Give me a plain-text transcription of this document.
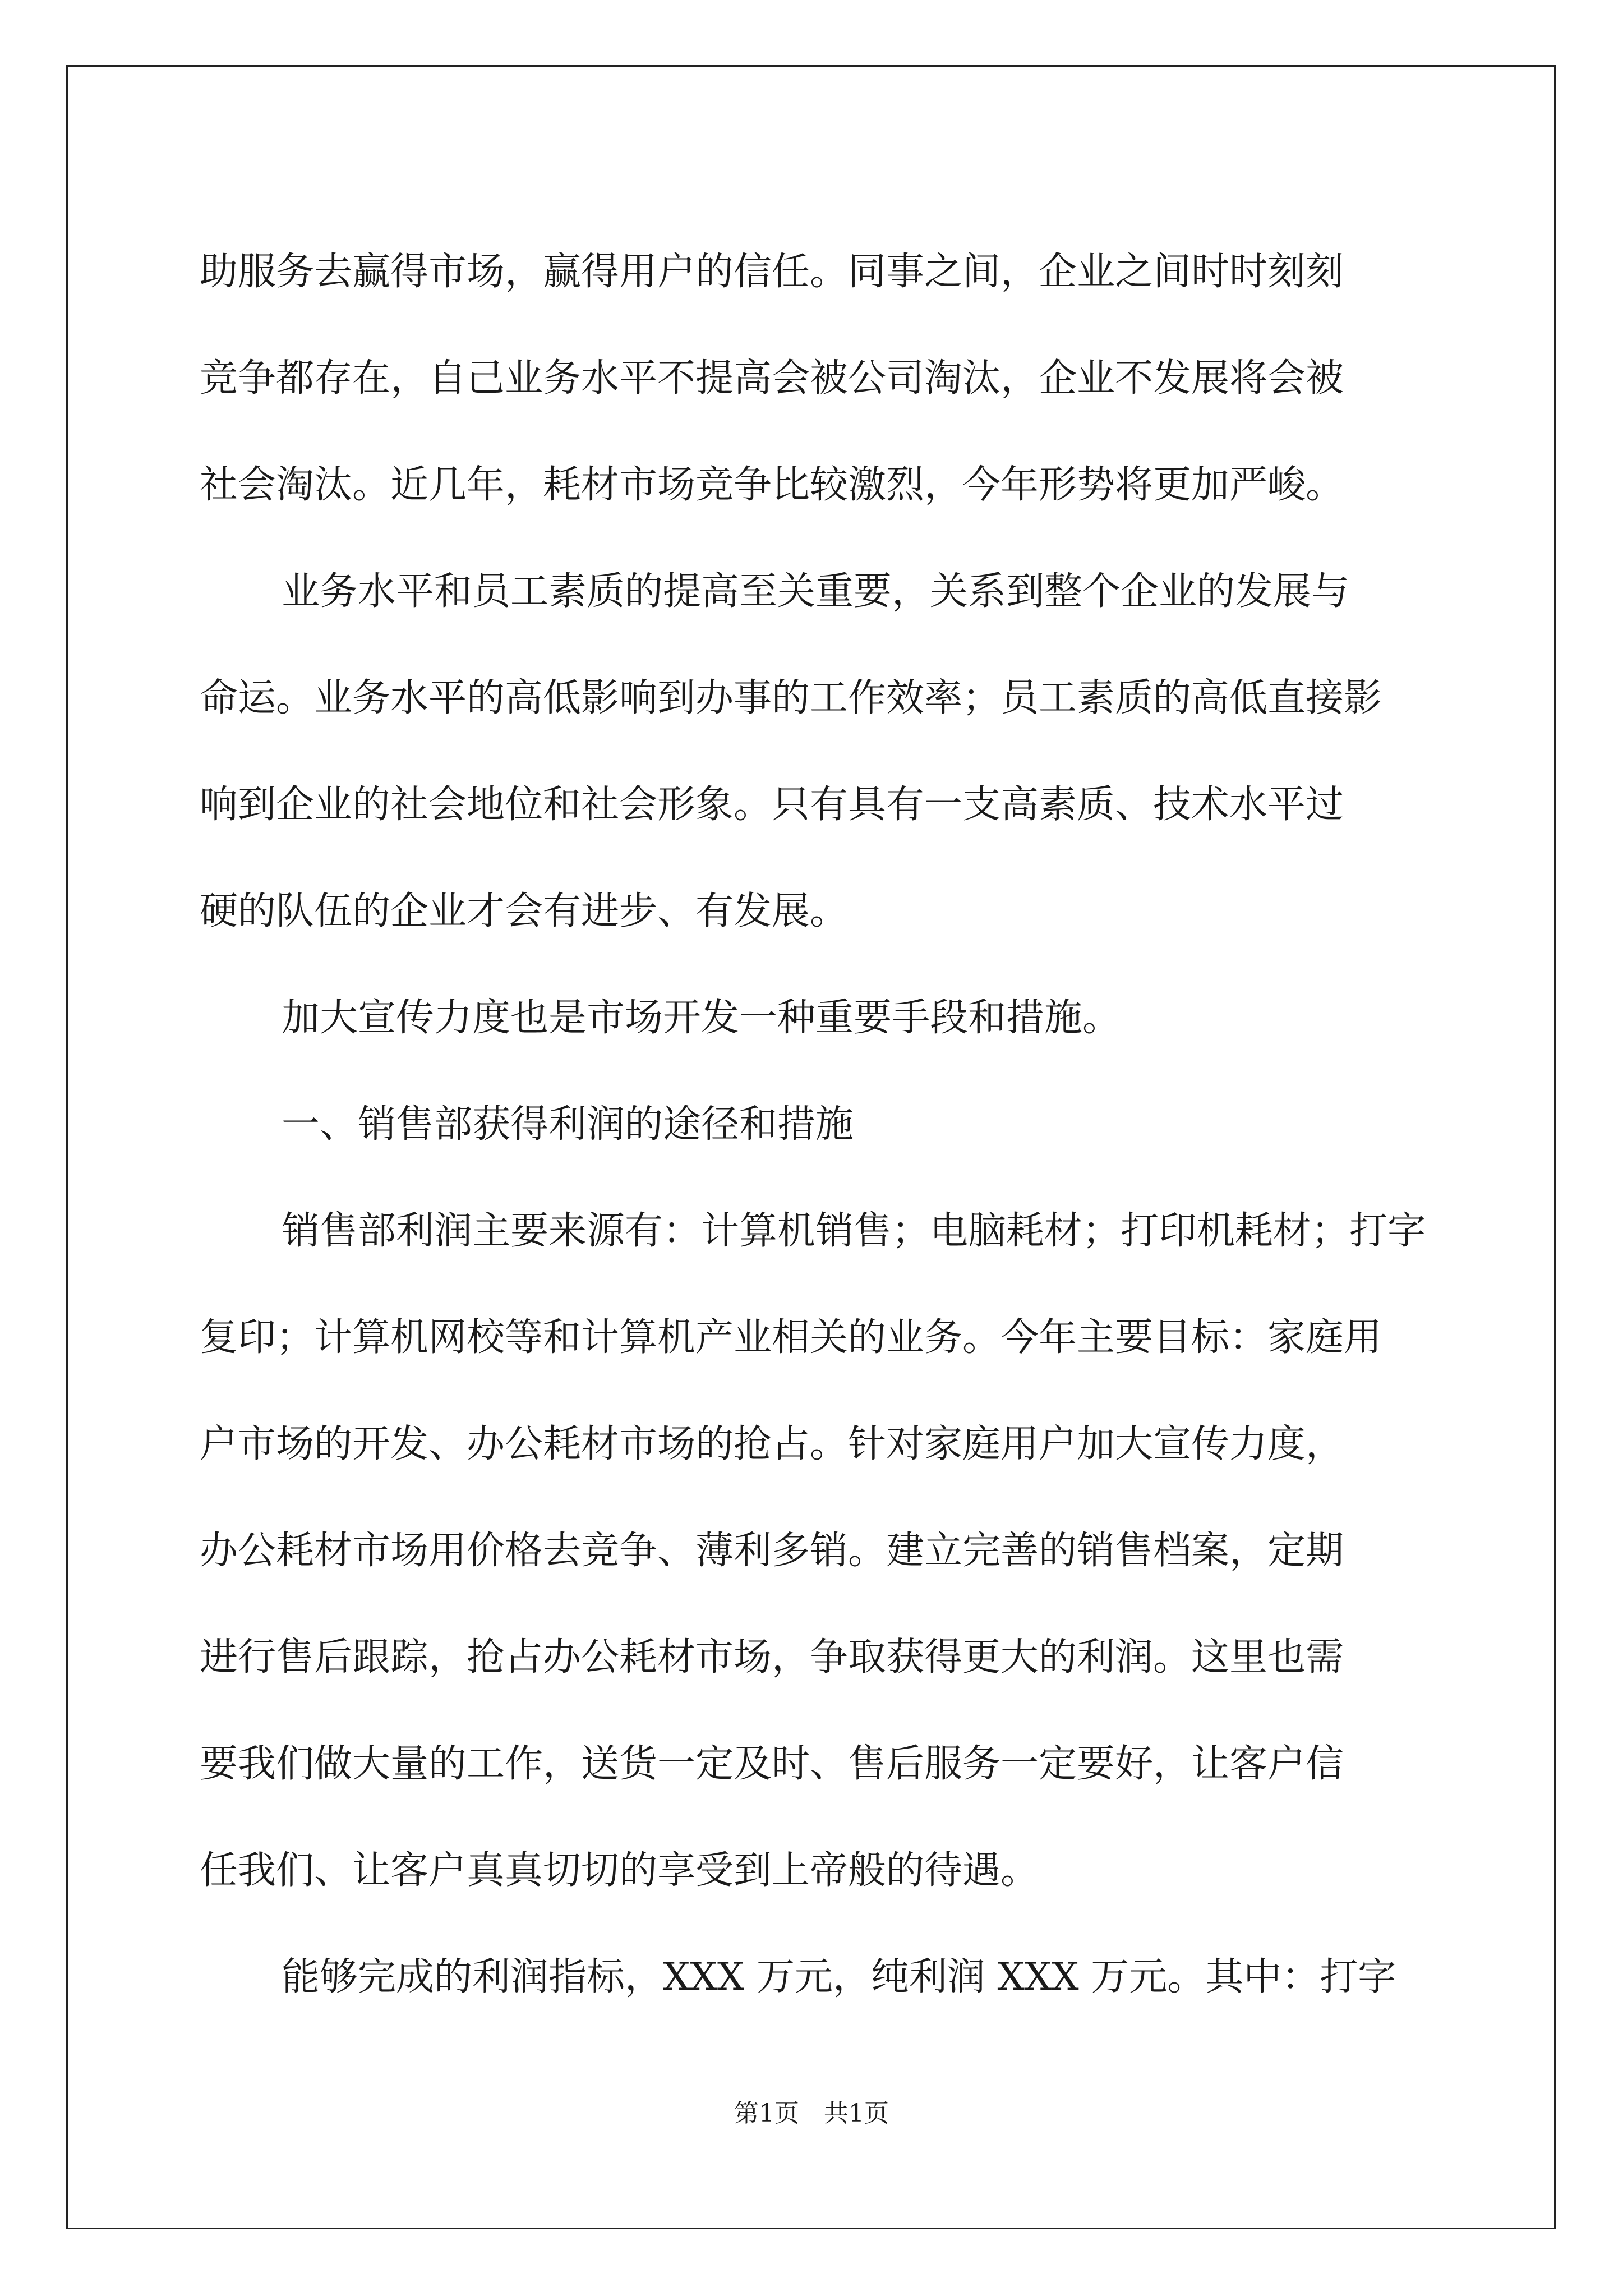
助服务去赢得市场，赢得用户的信任。同事之间，企业之间时时刻刻
竞争都存在，自己业务水平不提高会被公司淘汰，企业不发展将会被
社会淘汰。近几年，耗材市场竞争比较激烈，今年形势将更加严峻。
业务水平和员工素质的提高至关重要，关系到整个企业的发展与
命运。业务水平的高低影响到办事的工作效率；员工素质的高低直接影
响到企业的社会地位和社会形象。只有具有一支高素质、技术水平过
硬的队伍的企业才会有进步、有发展。
加大宣传力度也是市场开发一种重要手段和措施。
一、销售部获得利润的途径和措施
销售部利润主要来源有：计算机销售；电脑耗材；打印机耗材；打字
复印；计算机网校等和计算机产业相关的业务。今年主要目标：家庭用
户市场的开发、办公耗材市场的抢占。针对家庭用户加大宣传力度，
办公耗材市场用价格去竞争、薄利多销。建立完善的销售档案，定期
进行售后跟踪，抢占办公耗材市场，争取获得更大的利润。这里也需
要我们做大量的工作，送货一定及时、售后服务一定要好，让客户信
任我们、让客户真真切切的享受到上帝般的待遇。
能够完成的利润指标，XXX 万元，纯利润 XXX 万元。其中：打字
第1页　共1页
